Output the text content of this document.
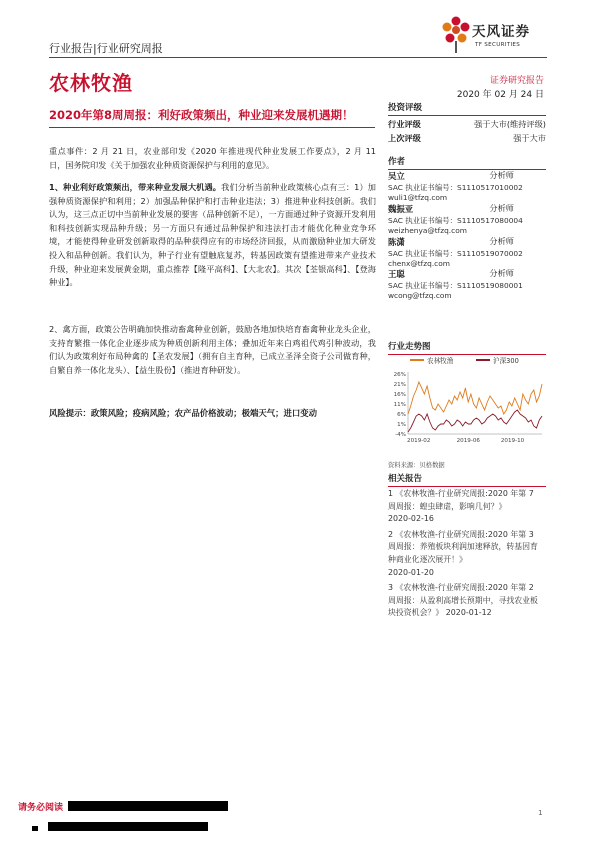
行业报告|行业研究周报
天风证券
TF SECURITIES
农林牧渔	证券研究报告
2020 年 02 月 24 日
2020年第8周周报：利好政策频出，种业迎来发展机遇期！

重点事件：2 月 21 日，农业部印发《2020 年推进现代种业发展工作要点》，2 月 11 日，国务院印发《关于加强农业种质资源保护与利用的意见》。

1、种业利好政策频出，带来种业发展大机遇。我们分析当前种业政策核心点有三：1）加强种质资源保护和利用；2）加强品种保护和打击种业违法；3）推进种业科技创新。我们认为，这三点正切中当前种业发展的要害（品种创新不足），一方面通过种子资源开发利用和科技创新实现品种升级；另一方面只有通过品种保护和违法打击才能优化种业竞争环境，才能使得种业研发创新取得的品种获得应有的市场经济回报，从而激励种业加大研发投入和品种创新。我们认为，种子行业有望触底复苏，转基因政策有望推进带来产业技术升级，种业迎来发展黄金期，重点推荐【隆平高科】、【大北农】。其次【荃银高科】、【登海种业】。

2、禽方面，政策公告明确加快推动畜禽种业创新，鼓励各地加快培育畜禽种业龙头企业，支持育繁推一体化企业逐步成为种质创新利用主体；叠加近年来白鸡祖代鸡引种波动，我们认为政策利好布局种禽的【圣农发展】（拥有自主育种，已成立圣泽全资子公司做育种，自繁自养一体化龙头）、【益生股份】（推进育种研发）。

风险提示：政策风险；疫病风险；农产品价格波动；极端天气；进口变动
投资评级
行业评级	强于大市(维持评级)
上次评级	强于大市
作者
吴立	分析师
SAC 执业证书编号：S1110517010002
wuli1@tfzq.com
魏振亚	分析师
SAC 执业证书编号：S1110517080004
weizhenya@tfzq.com
陈潇	分析师
SAC 执业证书编号：S1110519070002
chenx@tfzq.com
王聪	分析师
SAC 执业证书编号：S1110519080001
wcong@tfzq.com
行业走势图
农林牧渔	沪深300
26%
21%
16%
11%
6%
1%
-4%
2019-02	2019-06	2019-10
资料来源：贝格数据
相关报告
1 《农林牧渔-行业研究周报:2020 年第 7 周周报：蝗虫肆虐，影响几何？》
2020-02-16
2 《农林牧渔-行业研究周报:2020 年第 3 周周报：养殖板块利润加速释放，转基因育种商业化逐次展开！》
2020-01-20
3 《农林牧渔-行业研究周报:2020 年第 2 周周报：从盈利高增长预期中，寻找农业板块投资机会？》 2020-01-12
请务必阅读	1
